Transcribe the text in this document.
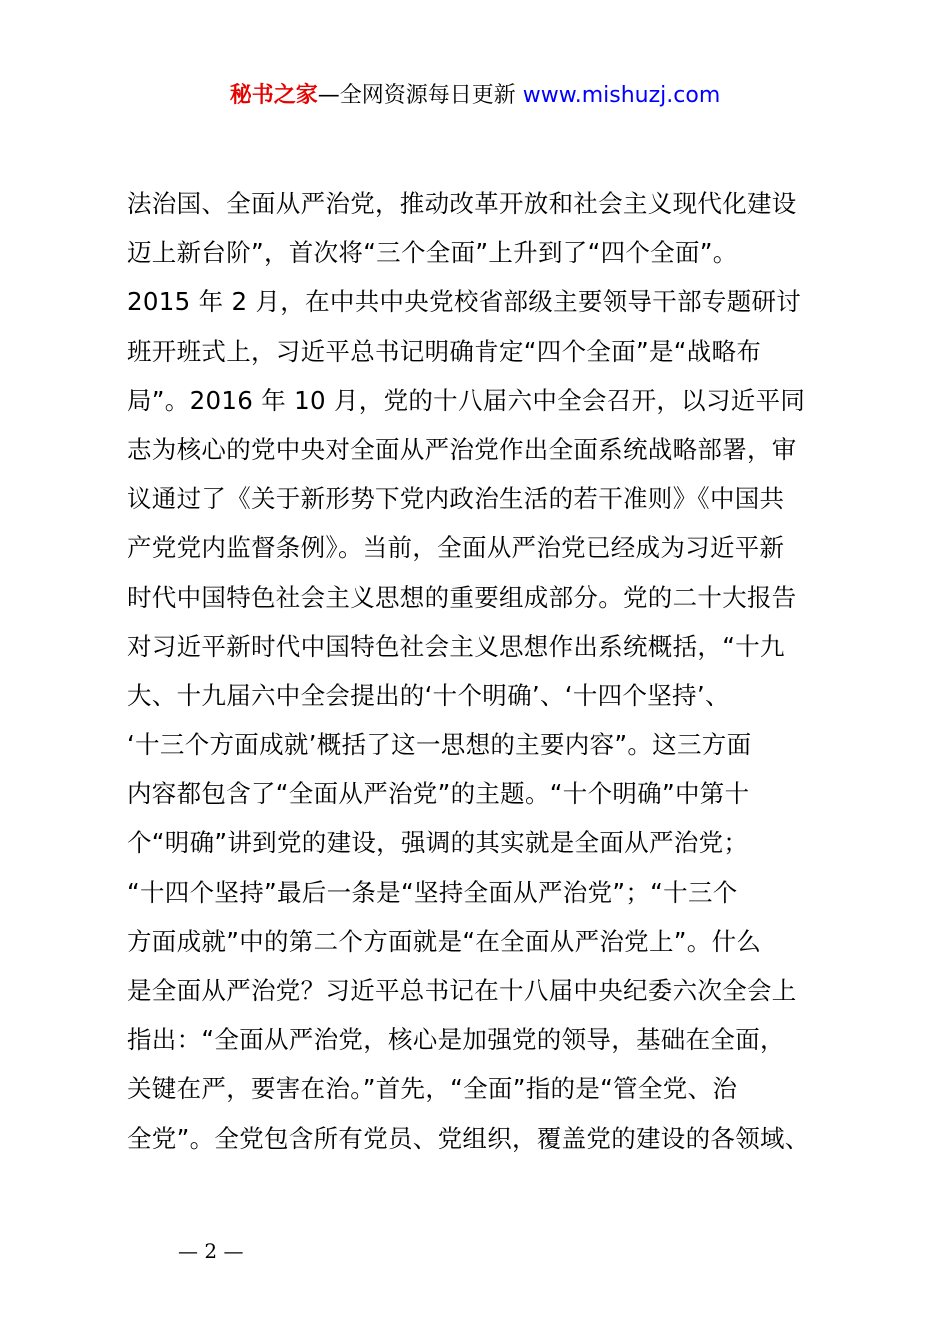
秘书之家—全网资源每日更新 www.mishuzj.com
法治国、全面从严治党，推动改革开放和社会主义现代化建设
迈上新台阶”，首次将“三个全面”上升到了“四个全面”。
2015 年 2 月，在中共中央党校省部级主要领导干部专题研讨
班开班式上，习近平总书记明确肯定“四个全面”是“战略布
局”。2016 年 10 月，党的十八届六中全会召开，以习近平同
志为核心的党中央对全面从严治党作出全面系统战略部署，审
议通过了《关于新形势下党内政治生活的若干准则》《中国共
产党党内监督条例》。当前，全面从严治党已经成为习近平新
时代中国特色社会主义思想的重要组成部分。党的二十大报告
对习近平新时代中国特色社会主义思想作出系统概括，“十九
大、十九届六中全会提出的‘十个明确’、‘十四个坚持’、
‘十三个方面成就’概括了这一思想的主要内容”。这三方面
内容都包含了“全面从严治党”的主题。“十个明确”中第十
个“明确”讲到党的建设，强调的其实就是全面从严治党；
“十四个坚持”最后一条是“坚持全面从严治党”；“十三个
方面成就”中的第二个方面就是“在全面从严治党上”。什么
是全面从严治党？习近平总书记在十八届中央纪委六次全会上
指出：“全面从严治党，核心是加强党的领导，基础在全面，
关键在严，要害在治。”首先，“全面”指的是“管全党、治
全党”。全党包含所有党员、党组织，覆盖党的建设的各领域、
— 2 —
